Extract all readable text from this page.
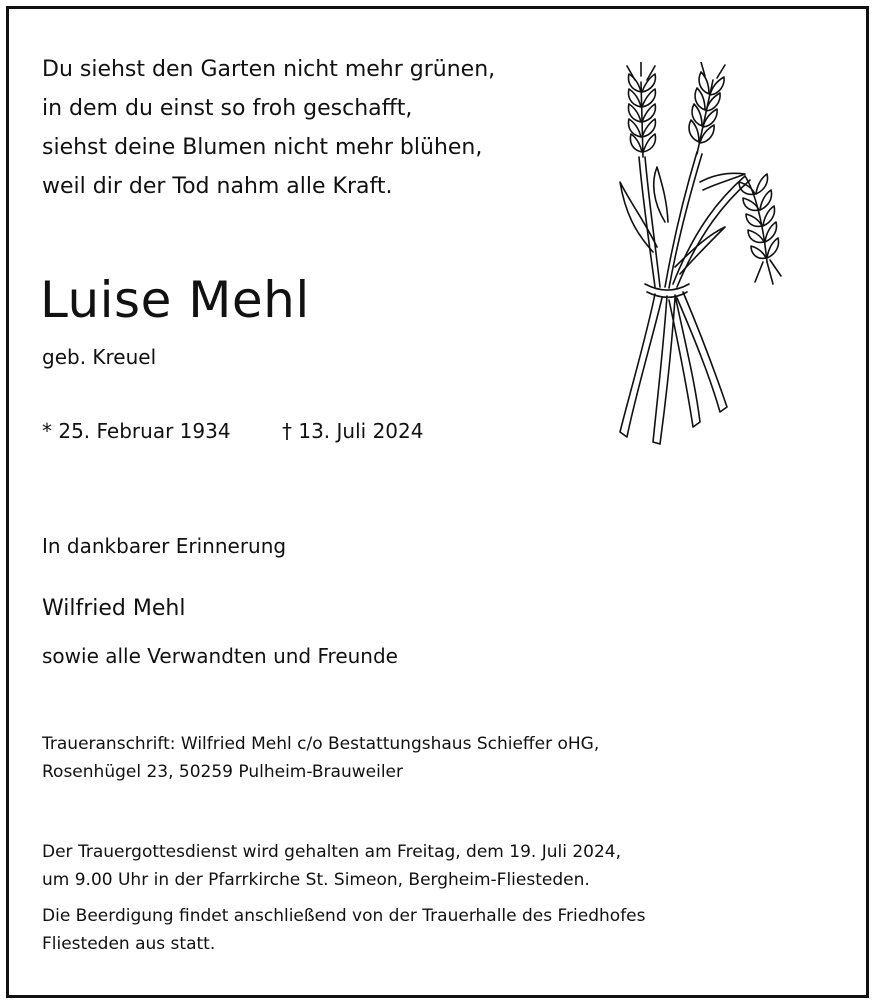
Du siehst den Garten nicht mehr grünen,
in dem du einst so froh geschafft,
siehst deine Blumen nicht mehr blühen,
weil dir der Tod nahm alle Kraft.
Luise Mehl
geb. Kreuel
* 25. Februar 1934	† 13. Juli 2024
In dankbarer Erinnerung
Wilfried Mehl
sowie alle Verwandten und Freunde
Traueranschrift: Wilfried Mehl c/o Bestattungshaus Schieffer oHG,
Rosenhügel 23, 50259 Pulheim-Brauweiler
Der Trauergottesdienst wird gehalten am Freitag, dem 19. Juli 2024,
um 9.00 Uhr in der Pfarrkirche St. Simeon, Bergheim-Fliesteden.
Die Beerdigung findet anschließend von der Trauerhalle des Friedhofes
Fliesteden aus statt.
